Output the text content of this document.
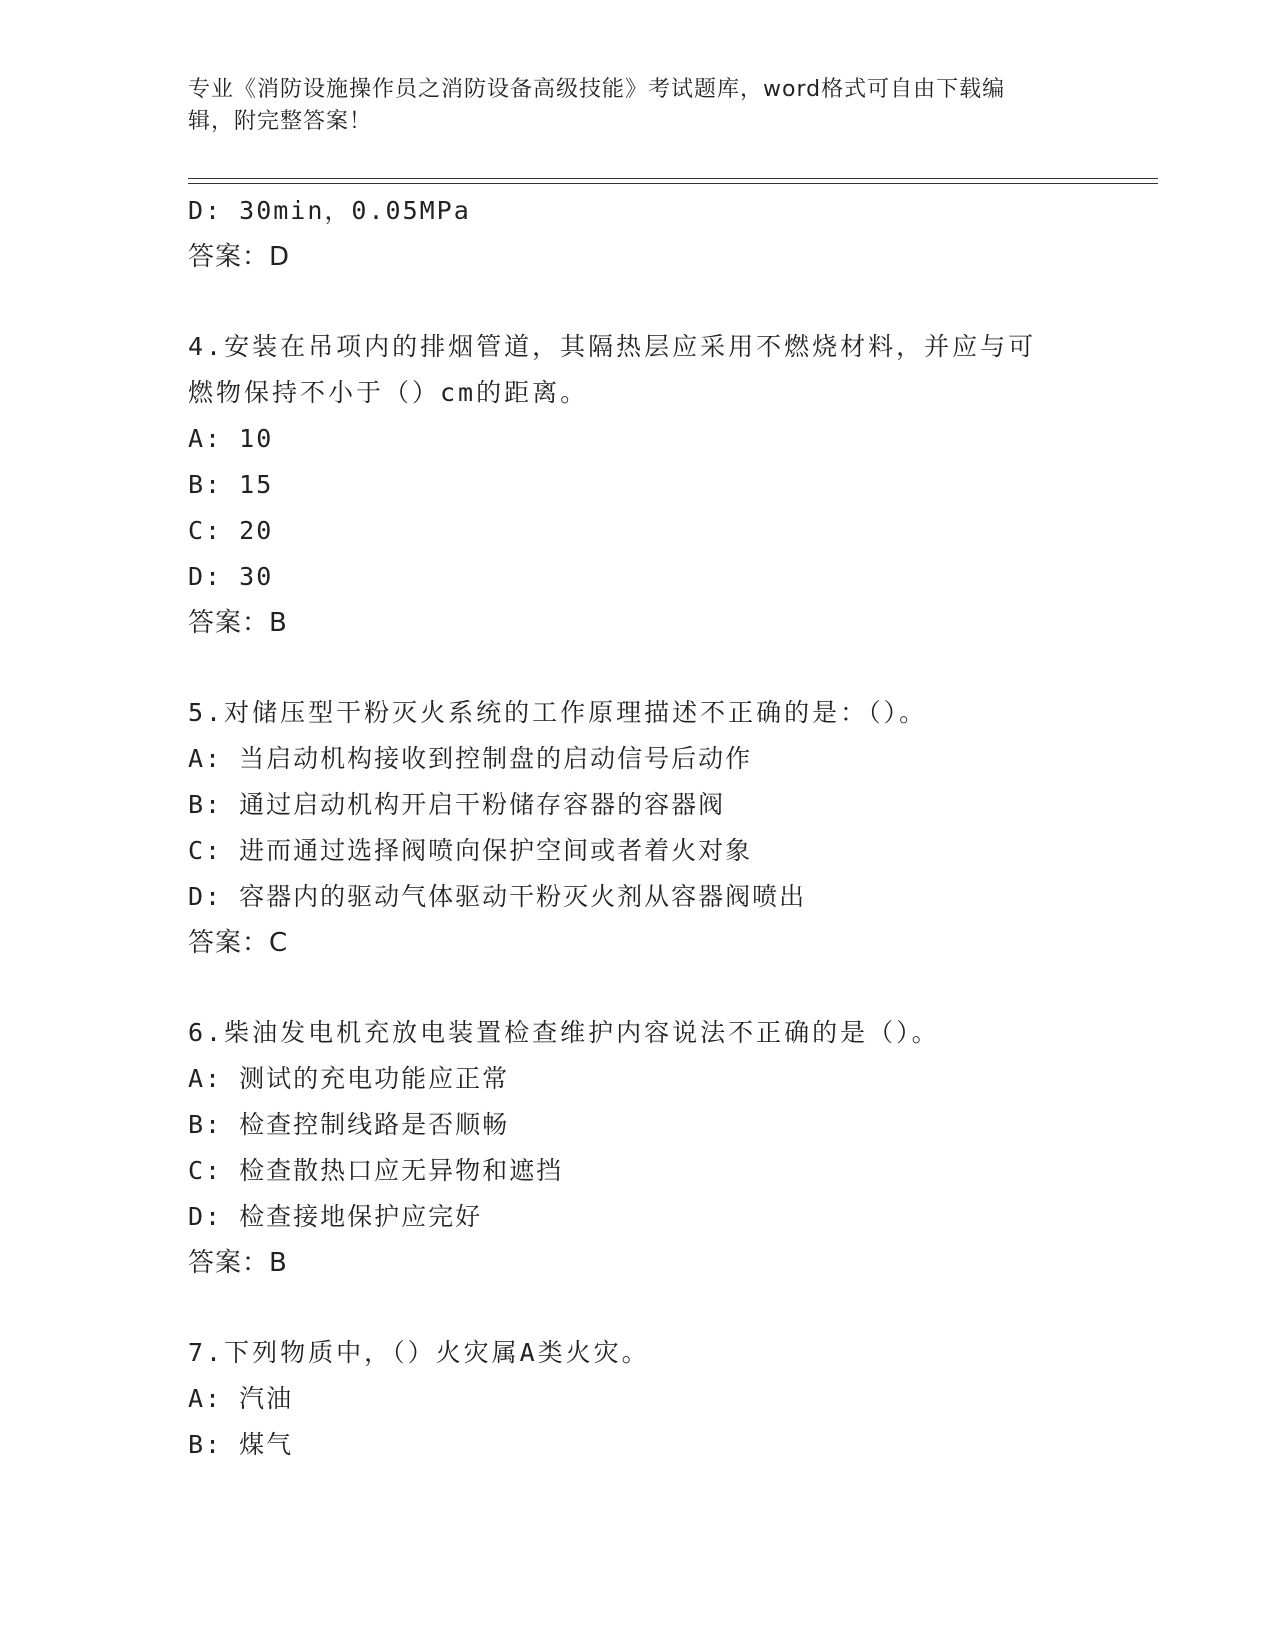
专业《消防设施操作员之消防设备高级技能》考试题库，word格式可自由下载编
辑，附完整答案！
D: 30min，0.05MPa
答案：D
4.安装在吊项内的排烟管道，其隔热层应采用不燃烧材料，并应与可
燃物保持不小于（）cm的距离。
A: 10
B: 15
C: 20
D: 30
答案：B
5.对储压型干粉灭火系统的工作原理描述不正确的是：（）。
A: 当启动机构接收到控制盘的启动信号后动作
B: 通过启动机构开启干粉储存容器的容器阀
C: 进而通过选择阀喷向保护空间或者着火对象
D: 容器内的驱动气体驱动干粉灭火剂从容器阀喷出
答案：C
6.柴油发电机充放电装置检查维护内容说法不正确的是（）。
A: 测试的充电功能应正常
B: 检查控制线路是否顺畅
C: 检查散热口应无异物和遮挡
D: 检查接地保护应完好
答案：B
7.下列物质中，（）火灾属A类火灾。
A: 汽油
B: 煤气
